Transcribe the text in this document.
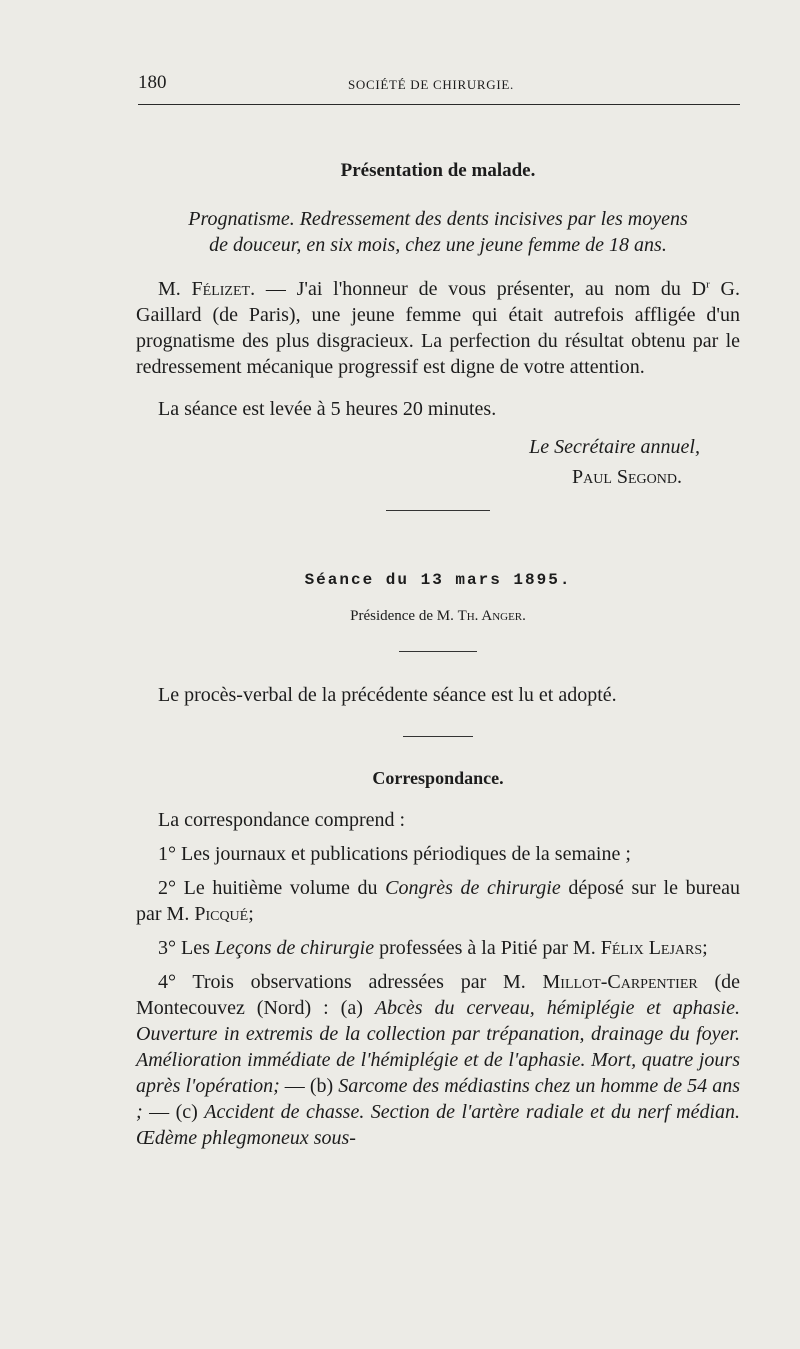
180	SOCIÉTÉ DE CHIRURGIE.

Présentation de malade.

Prognatisme. Redressement des dents incisives par les moyens
de douceur, en six mois, chez une jeune femme de 18 ans.

M. Félizet. — J'ai l'honneur de vous présenter, au nom du $D^r$ G. Gaillard (de Paris), une jeune femme qui était autrefois affligée d'un prognatisme des plus disgracieux. La perfection du résultat obtenu par le redressement mécanique progressif est digne de votre attention.

La séance est levée à 5 heures 20 minutes.

Le Secrétaire annuel,

Paul Segond.

Séance du 13 mars 1895.

Présidence de M. Th. Anger.

Le procès-verbal de la précédente séance est lu et adopté.

Correspondance.

La correspondance comprend :

1° Les journaux et publications périodiques de la semaine ;

2° Le huitième volume du Congrès de chirurgie déposé sur le bureau par M. Picqué;

3° Les Leçons de chirurgie professées à la Pitié par M. Félix Lejars;

4° Trois observations adressées par M. Millot-Carpentier (de Montecouvez (Nord) : (a) Abcès du cerveau, hémiplégie et aphasie. Ouverture in extremis de la collection par trépanation, drainage du foyer. Amélioration immédiate de l'hémiplégie et de l'aphasie. Mort, quatre jours après l'opération; — (b) Sarcome des médiastins chez un homme de 54 ans ; — (c) Accident de chasse. Section de l'artère radiale et du nerf médian. Œdème phlegmoneux sous-
